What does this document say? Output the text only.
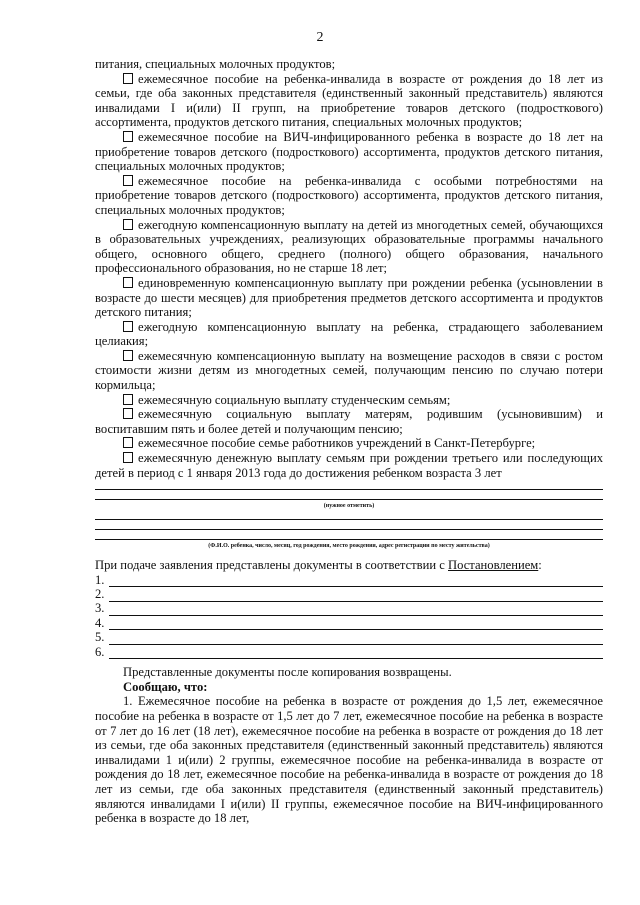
2

питания, специальных молочных продуктов;

ежемесячное пособие на ребенка-инвалида в возрасте от рождения до 18 лет из семьи, где оба законных представителя (единственный законный представитель) являются инвалидами I и(или) II групп, на приобретение товаров детского (подросткового) ассортимента, продуктов детского питания, специальных молочных продуктов;

ежемесячное пособие на ВИЧ-инфицированного ребенка в возрасте до 18 лет на приобретение товаров детского (подросткового) ассортимента, продуктов детского питания, специальных молочных продуктов;

ежемесячное пособие на ребенка-инвалида с особыми потребностями на приобретение товаров детского (подросткового) ассортимента, продуктов детского питания, специальных молочных продуктов;

ежегодную компенсационную выплату на детей из многодетных семей, обучающихся в образовательных учреждениях, реализующих образовательные программы начального общего, основного общего, среднего (полного) общего образования, начального профессионального образования, но не старше 18 лет;

единовременную компенсационную выплату при рождении ребенка (усыновлении в возрасте до шести месяцев) для приобретения предметов детского ассортимента и продуктов детского питания;

ежегодную компенсационную выплату на ребенка, страдающего заболеванием целиакия;

ежемесячную компенсационную выплату на возмещение расходов в связи с ростом стоимости жизни детям из многодетных семей, получающим пенсию по случаю потери кормильца;

ежемесячную социальную выплату студенческим семьям;

ежемесячную социальную выплату матерям, родившим (усыновившим) и воспитавшим пять и более детей и получающим пенсию;

ежемесячное пособие семье работников учреждений в Санкт-Петербурге;

ежемесячную денежную выплату семьям при рождении третьего или последующих детей в период с 1 января 2013 года до достижения ребенком возраста 3 лет

(нужное отметить)
(Ф.И.О. ребенка, число, месяц, год рождения, место рождения, адрес регистрации по месту жительства)

При подаче заявления представлены документы в соответствии с Постановлением:

1.
2.
3.
4.
5.
6.

Представленные документы после копирования возвращены.

Сообщаю, что:

1. Ежемесячное пособие на ребенка в возрасте от рождения до 1,5 лет, ежемесячное пособие на ребенка в возрасте от 1,5 лет до 7 лет, ежемесячное пособие на ребенка в возрасте от 7 лет до 16 лет (18 лет), ежемесячное пособие на ребенка в возрасте от рождения до 18 лет из семьи, где оба законных представителя (единственный законный представитель) являются инвалидами 1 и(или) 2 группы, ежемесячное пособие на ребенка-инвалида в возрасте от рождения до 18 лет, ежемесячное пособие на ребенка-инвалида в возрасте от рождения до 18 лет из семьи, где оба законных представителя (единственный законный представитель) являются инвалидами I и(или) II группы, ежемесячное пособие на ВИЧ-инфицированного ребенка в возрасте до 18 лет,
